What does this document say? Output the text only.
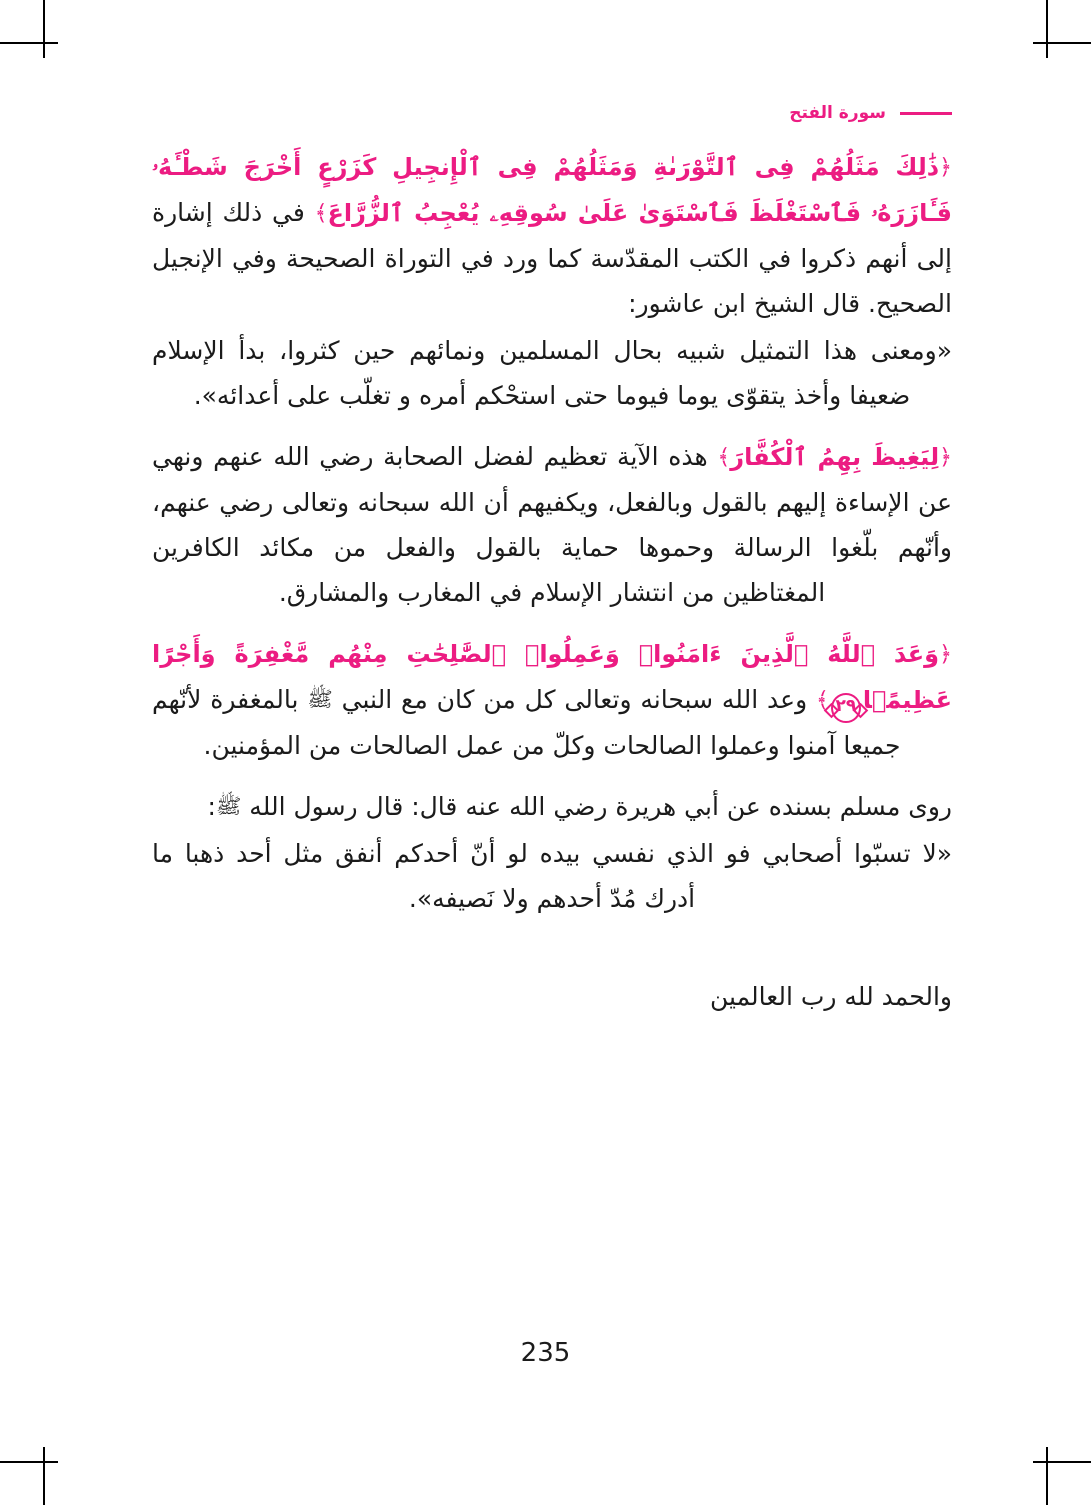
سورة الفتح

﴿ذَٰلِكَ مَثَلُهُمْ فِى ٱلتَّوْرَىٰةِ وَمَثَلُهُمْ فِى ٱلْإِنجِيلِ كَزَرْعٍ أَخْرَجَ شَطْـَٔهُۥ فَـَٔازَرَهُۥ فَٱسْتَغْلَظَ فَٱسْتَوَىٰ عَلَىٰ سُوقِهِۦ يُعْجِبُ ٱلزُّرَّاعَ﴾ في ذلك إشارة إلى أنهم ذكروا في الكتب المقدّسة كما ورد في التوراة الصحيحة وفي الإنجيل الصحيح. قال الشيخ ابن عاشور:

«ومعنى هذا التمثيل شبيه بحال المسلمين ونمائهم حين كثروا، بدأ الإسلام ضعيفا وأخذ يتقوّى يوما فيوما حتى استحْكم أمره و تغلّب على أعدائه».

﴿لِيَغِيظَ بِهِمُ ٱلْكُفَّارَ﴾ هذه الآية تعظيم لفضل الصحابة رضي الله عنهم ونهي عن الإساءة إليهم بالقول وبالفعل، ويكفيهم أن الله سبحانه وتعالى رضي عنهم، وأنّهم بلّغوا الرسالة وحموها حماية بالقول والفعل من مكائد الكافرين المغتاظين من انتشار الإسلام في المغارب والمشارق.

﴿وَعَدَ ٱللَّهُ ٱلَّذِينَ ءَامَنُوا۟ وَعَمِلُوا۟ ٱلصَّٰلِحَٰتِ مِنْهُم مَّغْفِرَةً وَأَجْرًا عَظِيمًۢا٢٩﴾ وعد الله سبحانه وتعالى كل من كان مع النبي ﷺ بالمغفرة لأنّهم جميعا آمنوا وعملوا الصالحات وكلّ من عمل الصالحات من المؤمنين.

روى مسلم بسنده عن أبي هريرة رضي الله عنه قال: قال رسول الله ﷺ:

«لا تسبّوا أصحابي فو الذي نفسي بيده لو أنّ أحدكم أنفق مثل أحد ذهبا ما أدرك مُدّ أحدهم ولا نَصيفه».

والحمد لله رب العالمين

235
